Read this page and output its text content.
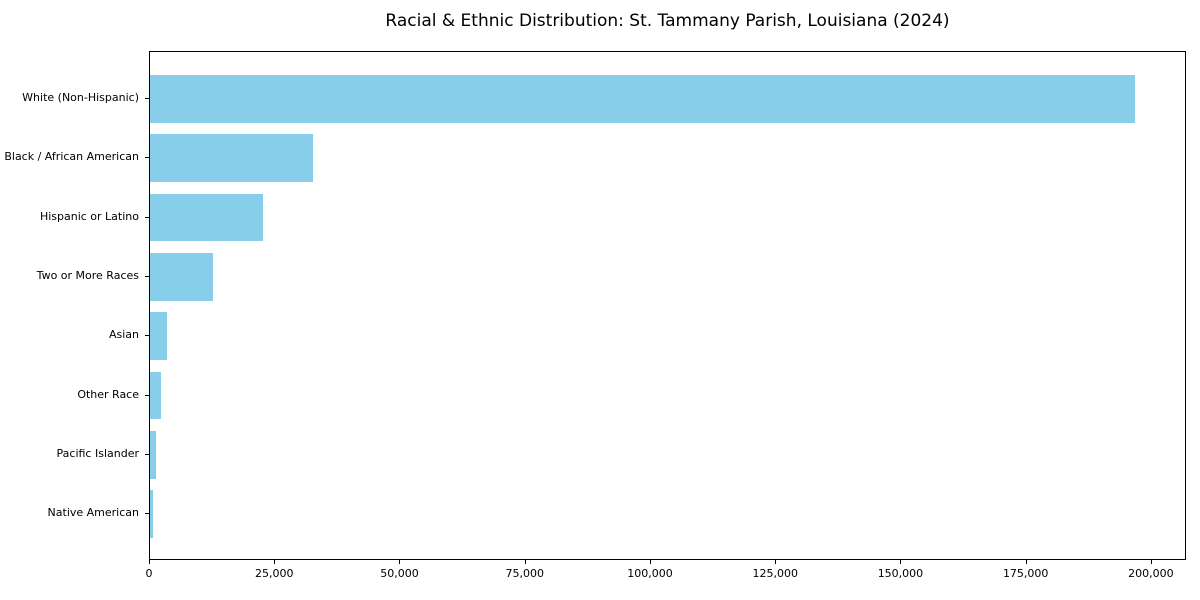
Racial & Ethnic Distribution: St. Tammany Parish, Louisiana (2024)
White (Non-Hispanic)
Black / African American
Hispanic or Latino
Two or More Races
Asian
Other Race
Pacific Islander
Native American
0	25,000	50,000	75,000	100,000	125,000	150,000	175,000	200,000
